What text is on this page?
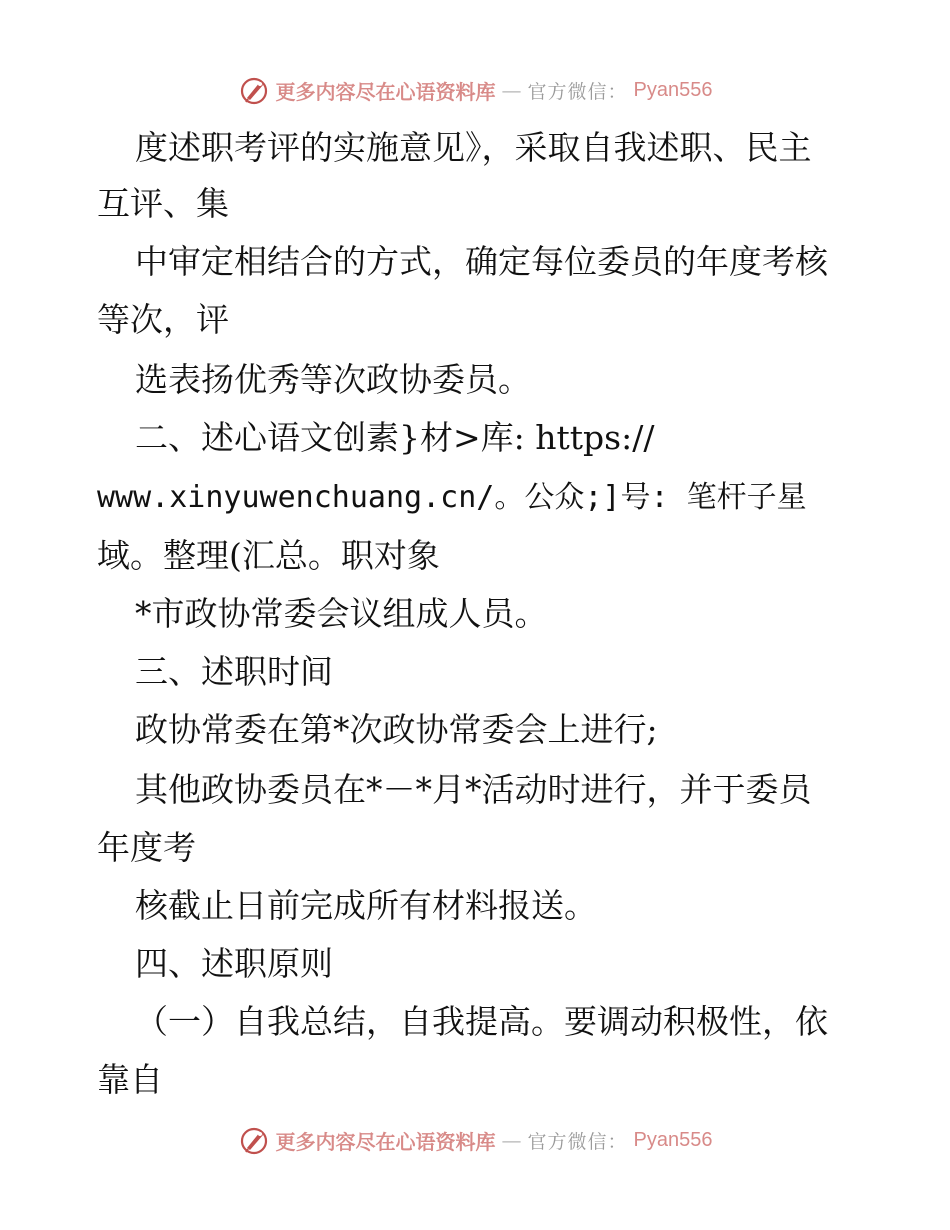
更多内容尽在心语资料库 — 官方微信： Pyan556
度述职考评的实施意见》，采取自我述职、民主
互评、集
中审定相结合的方式，确定每位委员的年度考核
等次，评
选表扬优秀等次政协委员。
二、述心语文创素}材>库: https://
www.xinyuwenchuang.cn/。公众;]号: 笔杆子星
域。整理(汇总。职对象
*市政协常委会议组成人员。
三、述职时间
政协常委在第*次政协常委会上进行;
其他政协委员在*－*月*活动时进行，并于委员
年度考
核截止日前完成所有材料报送。
四、述职原则
（一）自我总结，自我提高。要调动积极性，依
靠自
更多内容尽在心语资料库 — 官方微信： Pyan556
